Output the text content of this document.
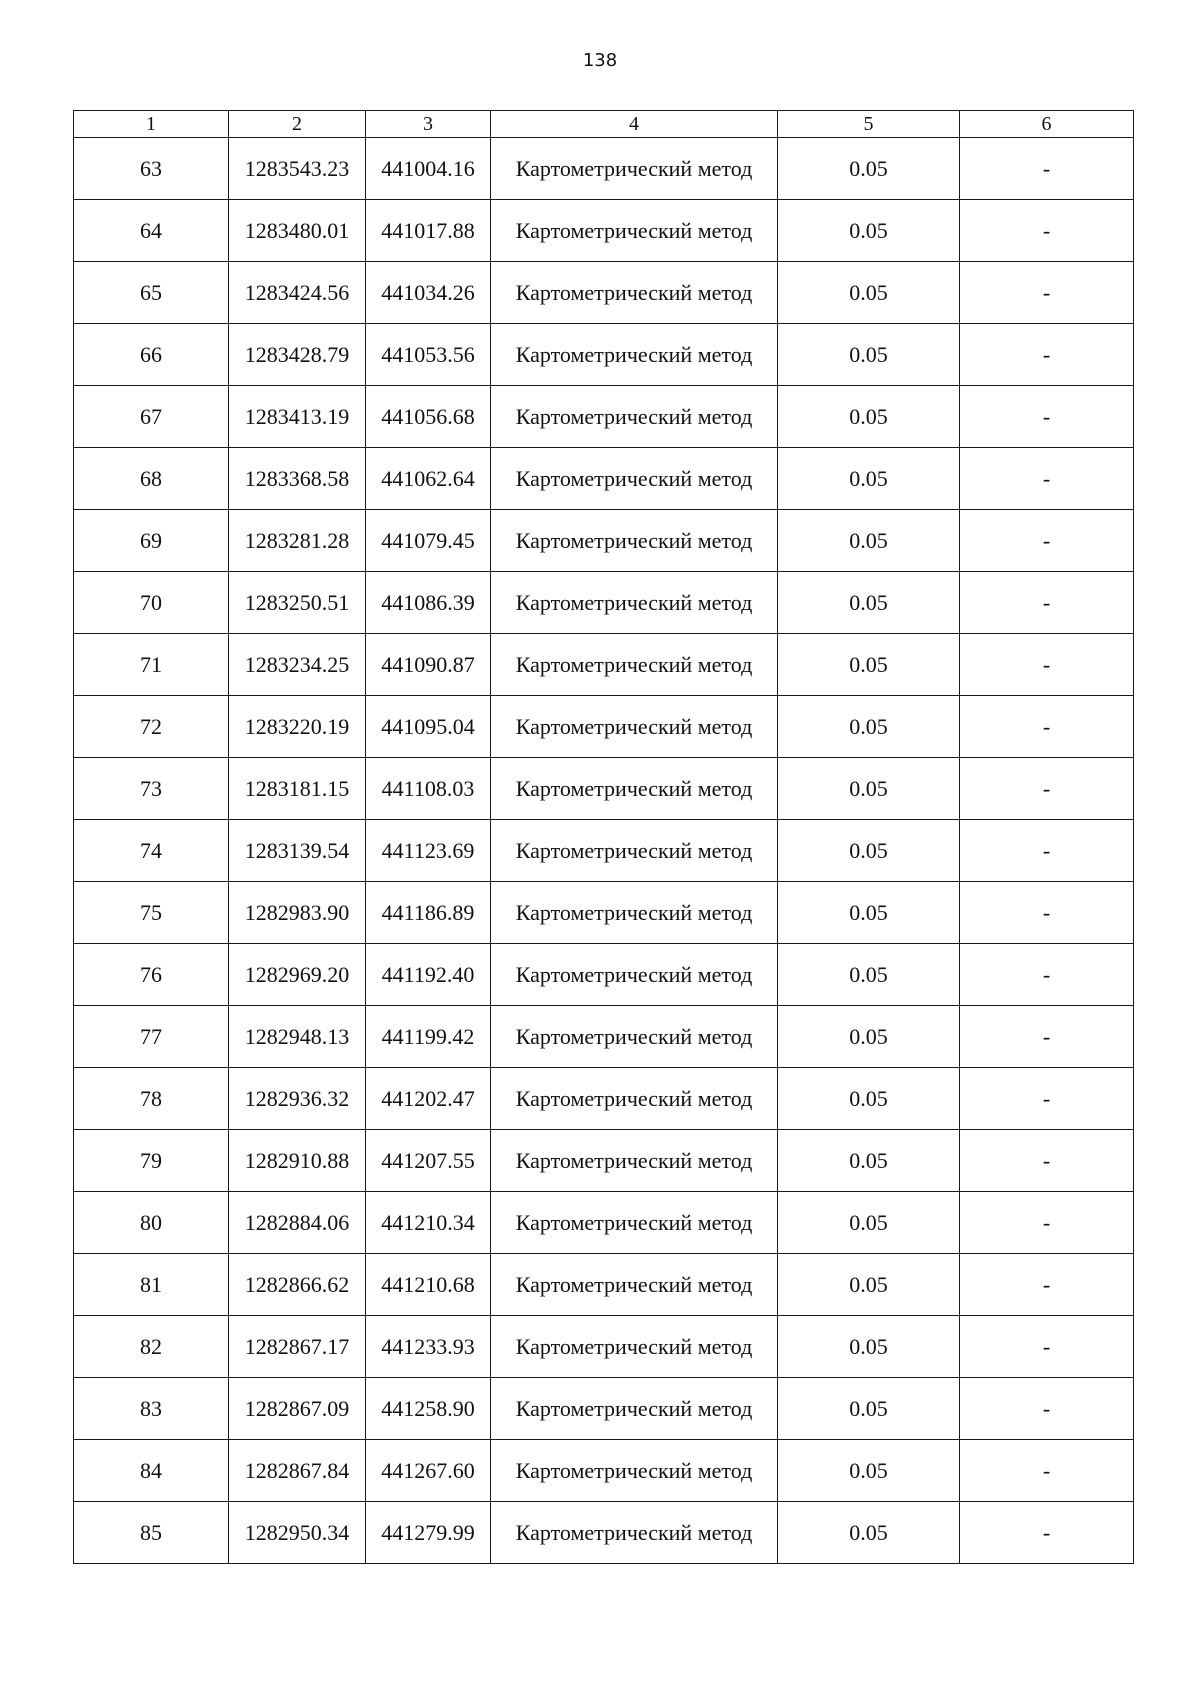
138
1	2	3	4	5	6
63	1283543.23	441004.16	Картометрический метод	0.05	-
64	1283480.01	441017.88	Картометрический метод	0.05	-
65	1283424.56	441034.26	Картометрический метод	0.05	-
66	1283428.79	441053.56	Картометрический метод	0.05	-
67	1283413.19	441056.68	Картометрический метод	0.05	-
68	1283368.58	441062.64	Картометрический метод	0.05	-
69	1283281.28	441079.45	Картометрический метод	0.05	-
70	1283250.51	441086.39	Картометрический метод	0.05	-
71	1283234.25	441090.87	Картометрический метод	0.05	-
72	1283220.19	441095.04	Картометрический метод	0.05	-
73	1283181.15	441108.03	Картометрический метод	0.05	-
74	1283139.54	441123.69	Картометрический метод	0.05	-
75	1282983.90	441186.89	Картометрический метод	0.05	-
76	1282969.20	441192.40	Картометрический метод	0.05	-
77	1282948.13	441199.42	Картометрический метод	0.05	-
78	1282936.32	441202.47	Картометрический метод	0.05	-
79	1282910.88	441207.55	Картометрический метод	0.05	-
80	1282884.06	441210.34	Картометрический метод	0.05	-
81	1282866.62	441210.68	Картометрический метод	0.05	-
82	1282867.17	441233.93	Картометрический метод	0.05	-
83	1282867.09	441258.90	Картометрический метод	0.05	-
84	1282867.84	441267.60	Картометрический метод	0.05	-
85	1282950.34	441279.99	Картометрический метод	0.05	-
